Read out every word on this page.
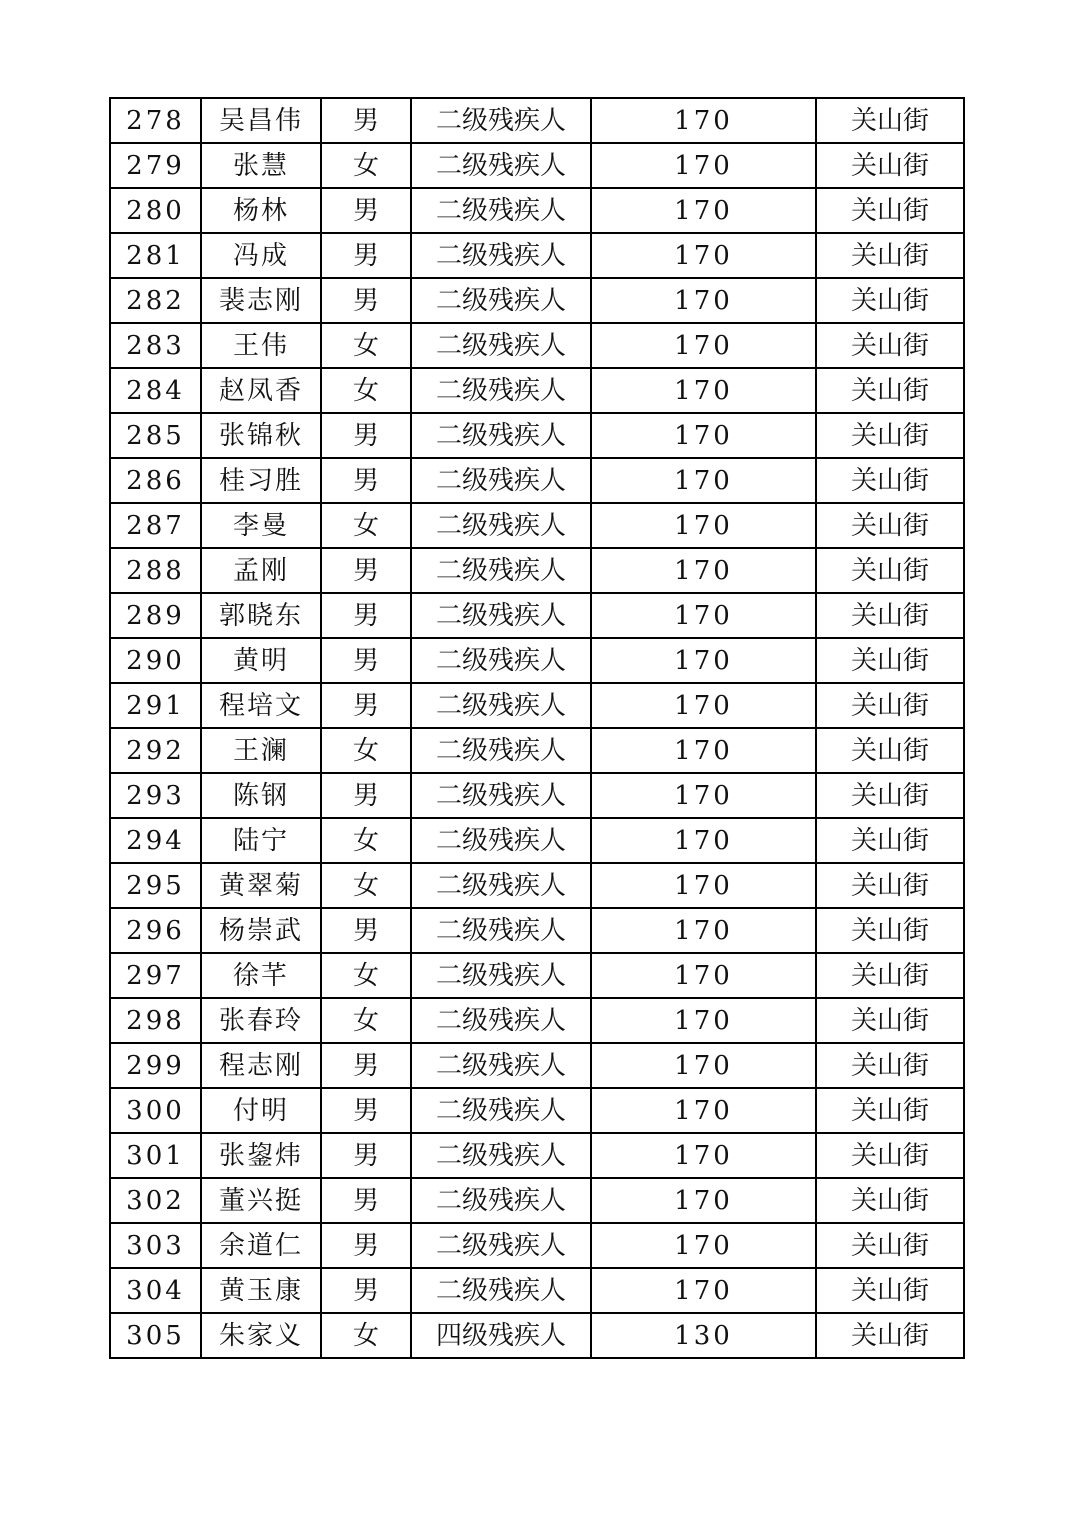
278	吴昌伟	男	二级残疾人	170	关山街
279	张慧	女	二级残疾人	170	关山街
280	杨林	男	二级残疾人	170	关山街
281	冯成	男	二级残疾人	170	关山街
282	裴志刚	男	二级残疾人	170	关山街
283	王伟	女	二级残疾人	170	关山街
284	赵凤香	女	二级残疾人	170	关山街
285	张锦秋	男	二级残疾人	170	关山街
286	桂习胜	男	二级残疾人	170	关山街
287	李曼	女	二级残疾人	170	关山街
288	孟刚	男	二级残疾人	170	关山街
289	郭晓东	男	二级残疾人	170	关山街
290	黄明	男	二级残疾人	170	关山街
291	程培文	男	二级残疾人	170	关山街
292	王澜	女	二级残疾人	170	关山街
293	陈钢	男	二级残疾人	170	关山街
294	陆宁	女	二级残疾人	170	关山街
295	黄翠菊	女	二级残疾人	170	关山街
296	杨崇武	男	二级残疾人	170	关山街
297	徐芊	女	二级残疾人	170	关山街
298	张春玲	女	二级残疾人	170	关山街
299	程志刚	男	二级残疾人	170	关山街
300	付明	男	二级残疾人	170	关山街
301	张鋆炜	男	二级残疾人	170	关山街
302	董兴挺	男	二级残疾人	170	关山街
303	余道仁	男	二级残疾人	170	关山街
304	黄玉康	男	二级残疾人	170	关山街
305	朱家义	女	四级残疾人	130	关山街
